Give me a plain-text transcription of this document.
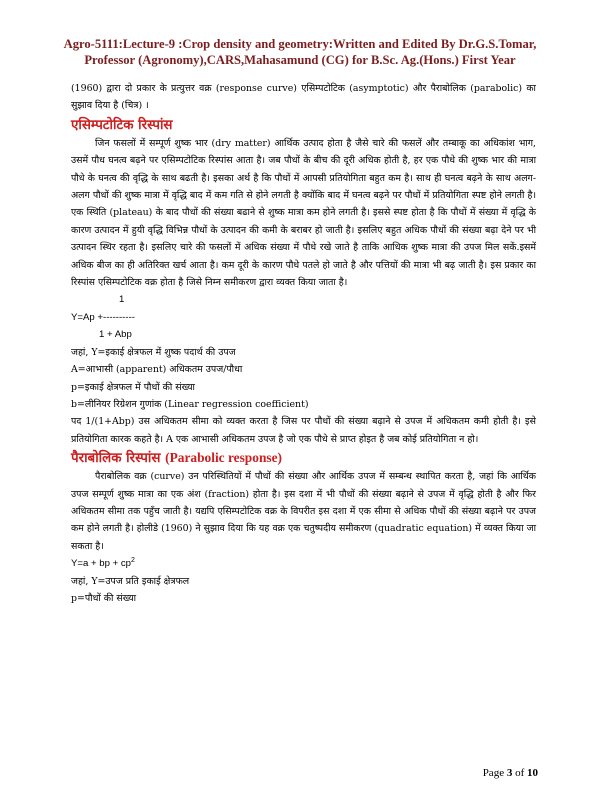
Agro-5111:Lecture-9 :Crop density and geometry:Written and Edited By Dr.G.S.Tomar,
Professor (Agronomy),CARS,Mahasamund (CG) for B.Sc. Ag.(Hons.) First Year

(1960) द्वारा दो प्रकार के प्रत्युत्तर वक्र (response curve) एसिम्पटोटिक (asymptotic) और पैराबोलिक (parabolic) का सुझाव दिया है (चित्र) ।

एसिम्पटोटिक रिस्पांस

जिन फसलों में सम्पूर्ण शुष्क भार (dry matter) आर्थिक उत्पाद होता है जैसे चारे की फसलें और तम्बाकू का अधिकांश भाग, उसमें पौध घनत्व बढ़ने पर एसिम्पटोटिक रिस्पांस आता है। जब पौधों के बीच की दूरी अधिक होती है, हर एक पौधे की शुष्क भार की मात्रा पौधे के घनत्व की वृद्धि के साथ बढती है। इसका अर्थ है कि पौधों में आपसी प्रतियोगिता बहुत कम है। साथ ही घनत्व बढ़ने के साथ अलग-अलग पौधों की शुष्क मात्रा में वृद्धि बाद में कम गति से होने लगती है क्योंकि बाद में घनत्व बढ़ने पर पौधों में प्रतियोगिता स्पष्ट होने लगती है। एक स्थिति (plateau) के बाद पौधों की संख्या बढाने से शुष्क मात्रा कम होने लगती है। इससे स्पष्ट होता है कि पौधों में संख्या में वृद्धि के कारण उत्पादन में हुयी वृद्धि विभिन्न पौधों के उत्पादन की कमी के बराबर हो जाती है। इसलिए बहुत अधिक पौधों की संख्या बढ़ा देने पर भी उत्पादन स्थिर रहता है। इसलिए चारे की फसलों में अधिक संख्या में पौधे रखे जाते है ताकि आधिक शुष्क मात्रा की उपज मिल सकें.इसमें अधिक बीज का ही अतिरिक्त खर्च आता है। कम दूरी के कारण पौधे पतले हो जाते है और पत्तियों की मात्रा भी बढ़ जाती है। इस प्रकार का रिस्पांस एसिम्पटोटिक वक्र होता है जिसे निम्न समीकरण द्वारा व्यक्त किया जाता है।

1

Y=Ap +----------

1 + Abp

जहां, Y=इकाई क्षेत्रफल में शुष्क पदार्थ की उपज

A=आभासी (apparent) अधिकतम उपज/पौधा

p=इकाई क्षेत्रफल में पौधों की संख्या

b=लीनियर रिग्रेशन गुणांक (Linear regression coefficient)

पद 1/(1+Abp) उस अधिकतम सीमा को व्यक्त करता है जिस पर पौधों की संख्या बढ़ाने से उपज में अधिकतम कमी होती है। इसे प्रतियोगिता कारक कहते है। A एक आभासी अधिकतम उपज है जो एक पौधे से प्राप्त होइत है जब कोई प्रतियोगिता न हो।

पैराबोलिक रिस्पांस (Parabolic response)

पैराबोलिक वक्र (curve) उन परिस्थितियों में पौधों की संख्या और आर्थिक उपज में सम्बन्ध स्थापित करता है, जहां कि आर्थिक उपज सम्पूर्ण शुष्क मात्रा का एक अंश (fraction) होता है। इस दशा में भी पौधों की संख्या बढ़ाने से उपज में वृद्धि होती है और फिर अधिकतम सीमा तक पहुँच जाती है। यद्यपि एसिम्पटोटिक वक्र के विपरीत इस दशा में एक सीमा से अधिक पौधों की संख्या बढ़ाने पर उपज कम होने लगती है। होलीडे (1960) ने सुझाव दिया कि यह वक्र एक चतुष्पदीय समीकरण (quadratic equation) में व्यक्त किया जा सकता है।

Y=a + bp + $cp^2$

जहां, Y=उपज प्रति इकाई क्षेत्रफल

p=पौधों की संख्या

Page 3 of 10
